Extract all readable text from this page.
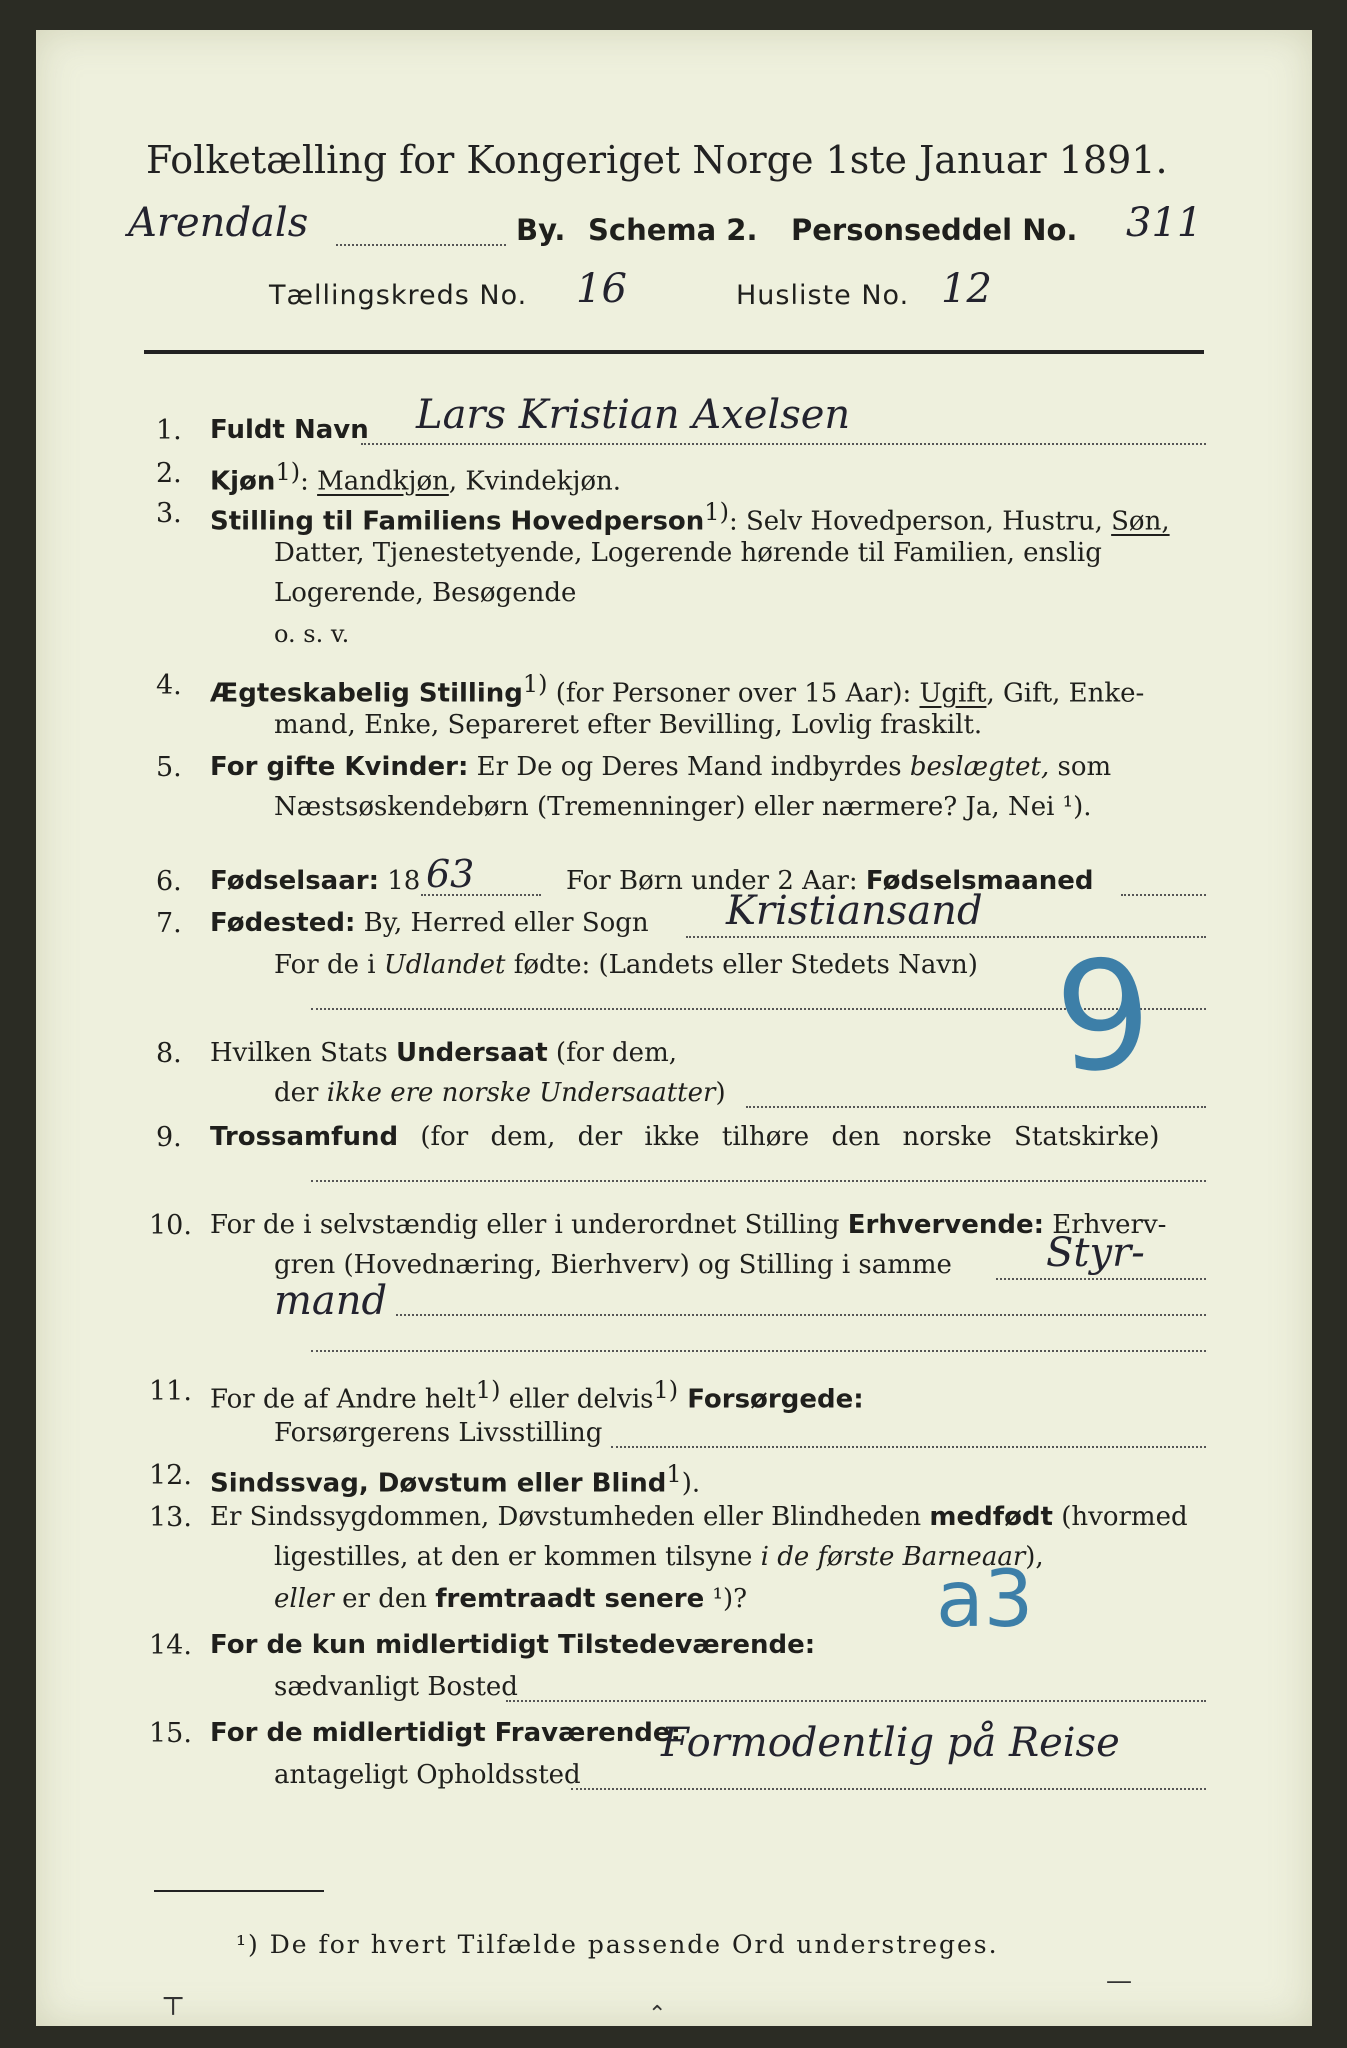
Folketælling for Kongeriget Norge 1ste Januar 1891.
Arendals	By. Schema 2. Personseddel No. 311
Tællingskreds No. 16	Husliste No. 12
1. Fuldt Navn Lars Kristian Axelsen
2. Kjøn$^{1)}$: Mandkjøn, Kvindekjøn.
3. Stilling til Familiens Hovedperson$^{1)}$: Selv Hovedperson, Hustru, Søn,
Datter, Tjenestetyende, Logerende hørende til Familien, enslig
Logerende, Besøgende
o. s. v.
4. Ægteskabelig Stilling$^{1)}$ (for Personer over 15 Aar): Ugift, Gift, Enke-
mand, Enke, Separeret efter Bevilling, Lovlig fraskilt.
5. For gifte Kvinder: Er De og Deres Mand indbyrdes beslægtet, som
Næstsøskendebørn (Tremenninger) eller nærmere? Ja, Nei ¹).
6. Fødselsaar: 18 63	For Børn under 2 Aar: Fødselsmaaned
7. Fødested: By, Herred eller Sogn Kristiansand
For de i Udlandet fødte: (Landets eller Stedets Navn)
8. Hvilken Stats Undersaat (for dem,
der ikke ere norske Undersaatter)
9. Trossamfund (for dem, der ikke tilhøre den norske Statskirke)
10. For de i selvstændig eller i underordnet Stilling Erhvervende: Erhverv-
gren (Hovednæring, Bierhverv) og Stilling i samme Styr-
mand
11. For de af Andre helt$^{1)}$ eller delvis$^{1)}$ Forsørgede:
Forsørgerens Livsstilling
12. Sindssvag, Døvstum eller Blind$^1$).
13. Er Sindssygdommen, Døvstumheden eller Blindheden medfødt (hvormed
ligestilles, at den er kommen tilsyne i de første Barneaar),
eller er den fremtraadt senere ¹)?
14. For de kun midlertidigt Tilstedeværende:
sædvanligt Bosted
15. For de midlertidigt Fraværende:
antageligt Opholdssted
Formodentlig på Reise
9
a3
¹) De for hvert Tilfælde passende Ord understreges.
⊤	⌃
—
